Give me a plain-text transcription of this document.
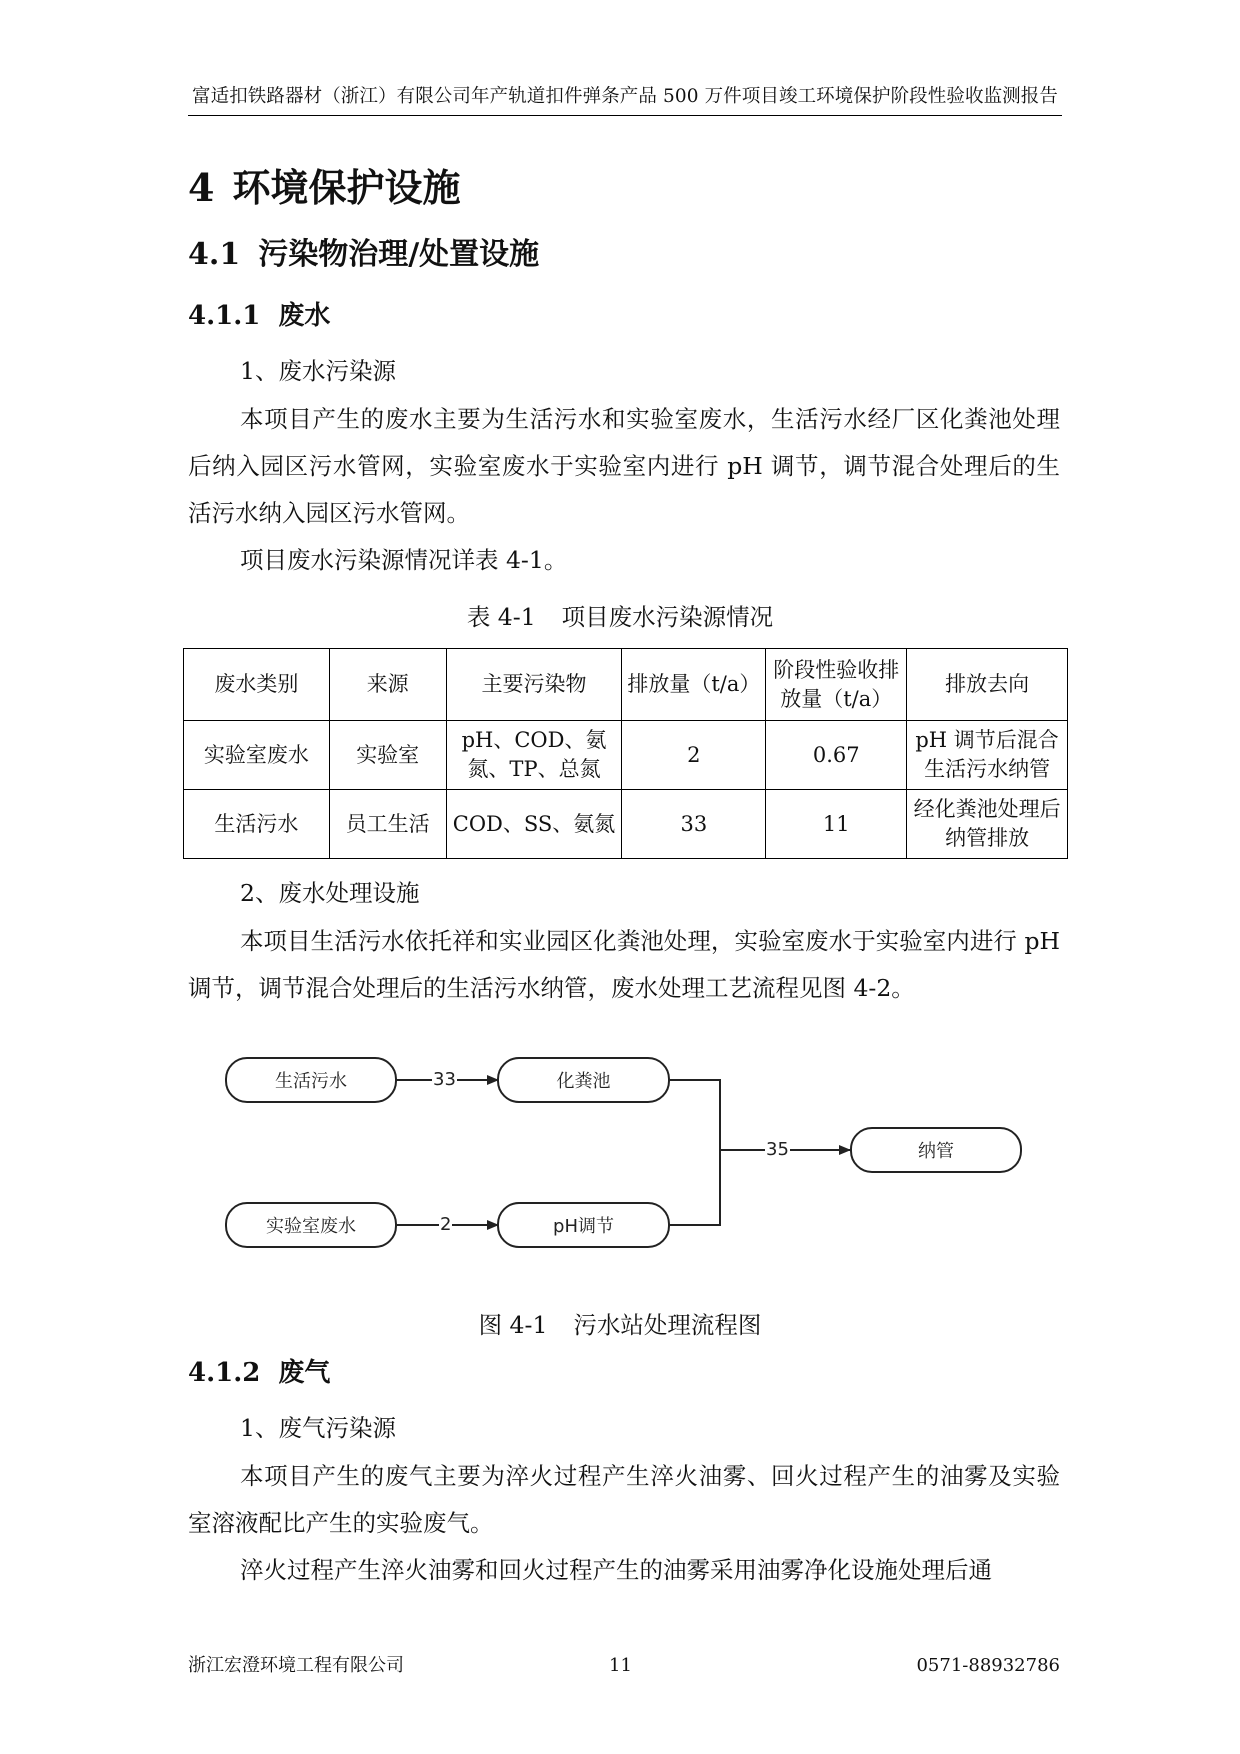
富适扣铁路器材（浙江）有限公司年产轨道扣件弹条产品 500 万件项目竣工环境保护阶段性验收监测报告
4 环境保护设施
4.1 污染物治理/处置设施
4.1.1 废水
1、废水污染源
本项目产生的废水主要为生活污水和实验室废水，生活污水经厂区化粪池处理后纳入园区污水管网，实验室废水于实验室内进行 pH 调节，调节混合处理后的生活污水纳入园区污水管网。
项目废水污染源情况详表 4-1。
表 4-1 项目废水污染源情况
废水类别	来源	主要污染物	排放量（t/a）	阶段性验收排放量（t/a）	排放去向
实验室废水	实验室	pH、COD、氨氮、TP、总氮	2	0.67	pH 调节后混合生活污水纳管
生活污水	员工生活	COD、SS、氨氮	33	11	经化粪池处理后纳管排放
2、废水处理设施
本项目生活污水依托祥和实业园区化粪池处理，实验室废水于实验室内进行 pH 调节，调节混合处理后的生活污水纳管，废水处理工艺流程见图 4-2。
生活污水	化粪池
实验室废水	pH调节
纳管
33
2
35
图 4-1 污水站处理流程图
4.1.2 废气
1、废气污染源
本项目产生的废气主要为淬火过程产生淬火油雾、回火过程产生的油雾及实验室溶液配比产生的实验废气。
淬火过程产生淬火油雾和回火过程产生的油雾采用油雾净化设施处理后通
浙江宏澄环境工程有限公司	11	0571-88932786
